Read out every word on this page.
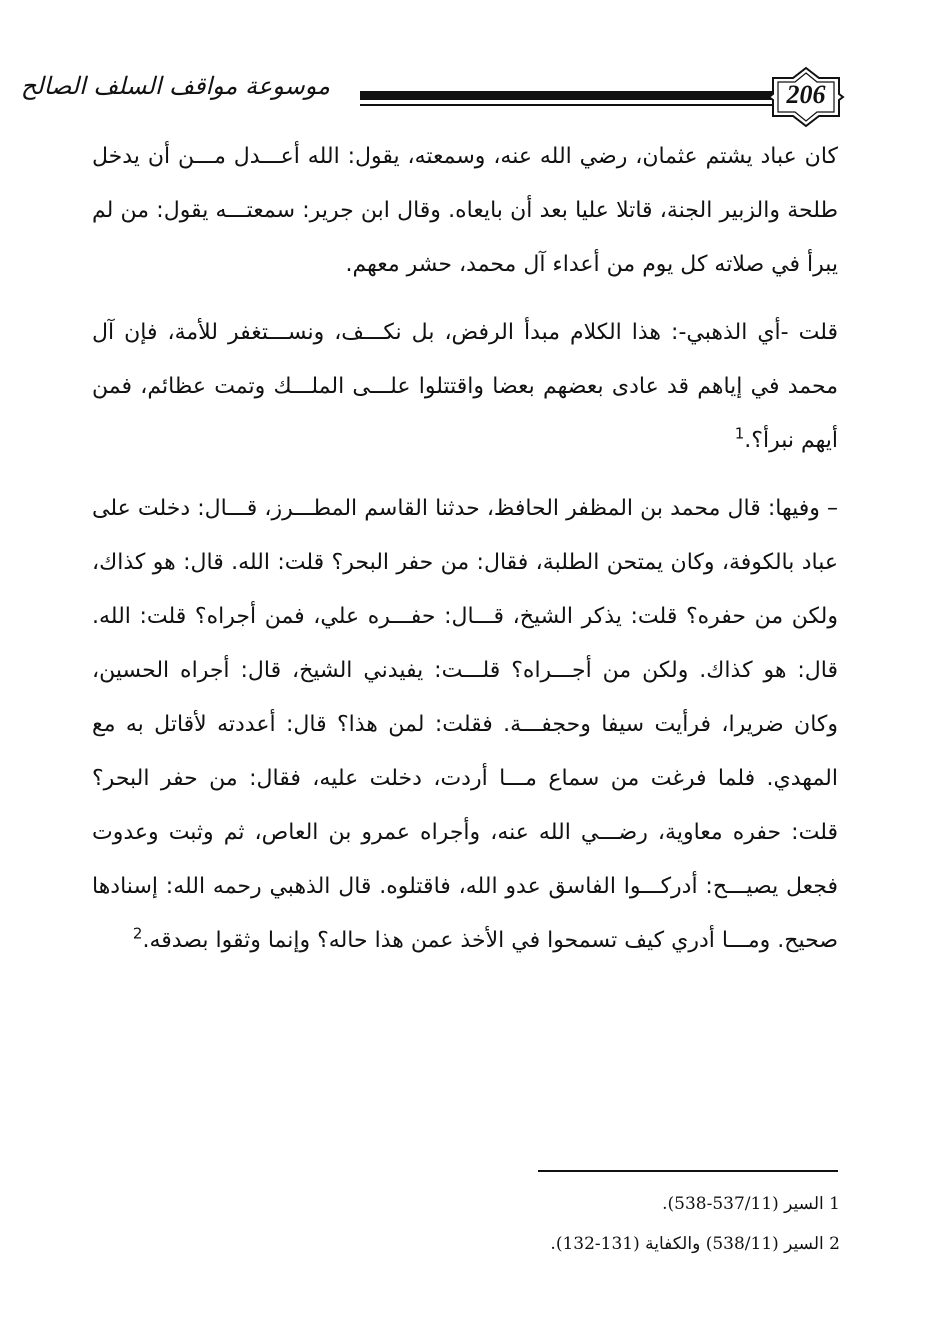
موسوعة مواقف السلف الصالح	206

كان عباد يشتم عثمان، رضي الله عنه، وسمعته، يقول: الله أعـــدل مـــن أن يدخل طلحة والزبير الجنة، قاتلا عليا بعد أن بايعاه. وقال ابن جرير: سمعتـــه يقول: من لم يبرأ في صلاته كل يوم من أعداء آل محمد، حشر معهم.

قلت -أي الذهبي-: هذا الكلام مبدأ الرفض، بل نكـــف، ونســـتغفر للأمة، فإن آل محمد في إياهم قد عادى بعضهم بعضا واقتتلوا علـــى الملـــك وتمت عظائم، فمن أيهم نبرأ؟.$^1$

– وفيها: قال محمد بن المظفر الحافظ، حدثنا القاسم المطـــرز، قـــال: دخلت على عباد بالكوفة، وكان يمتحن الطلبة، فقال: من حفر البحر؟ قلت: الله. قال: هو كذاك، ولكن من حفره؟ قلت: يذكر الشيخ، قـــال: حفـــره علي، فمن أجراه؟ قلت: الله. قال: هو كذاك. ولكن من أجـــراه؟ قلـــت: يفيدني الشيخ، قال: أجراه الحسين، وكان ضريرا، فرأيت سيفا وحجفـــة. فقلت: لمن هذا؟ قال: أعددته لأقاتل به مع المهدي. فلما فرغت من سماع مـــا أردت، دخلت عليه، فقال: من حفر البحر؟ قلت: حفره معاوية، رضـــي الله عنه، وأجراه عمرو بن العاص، ثم وثبت وعدوت فجعل يصيـــح: أدركـــوا الفاسق عدو الله، فاقتلوه. قال الذهبي رحمه الله: إسنادها صحيح. ومـــا أدري كيف تسمحوا في الأخذ عمن هذا حاله؟ وإنما وثقوا بصدقه.$^2$

1 السير (537/11-538).
2 السير (538/11) والكفاية (131-132).
